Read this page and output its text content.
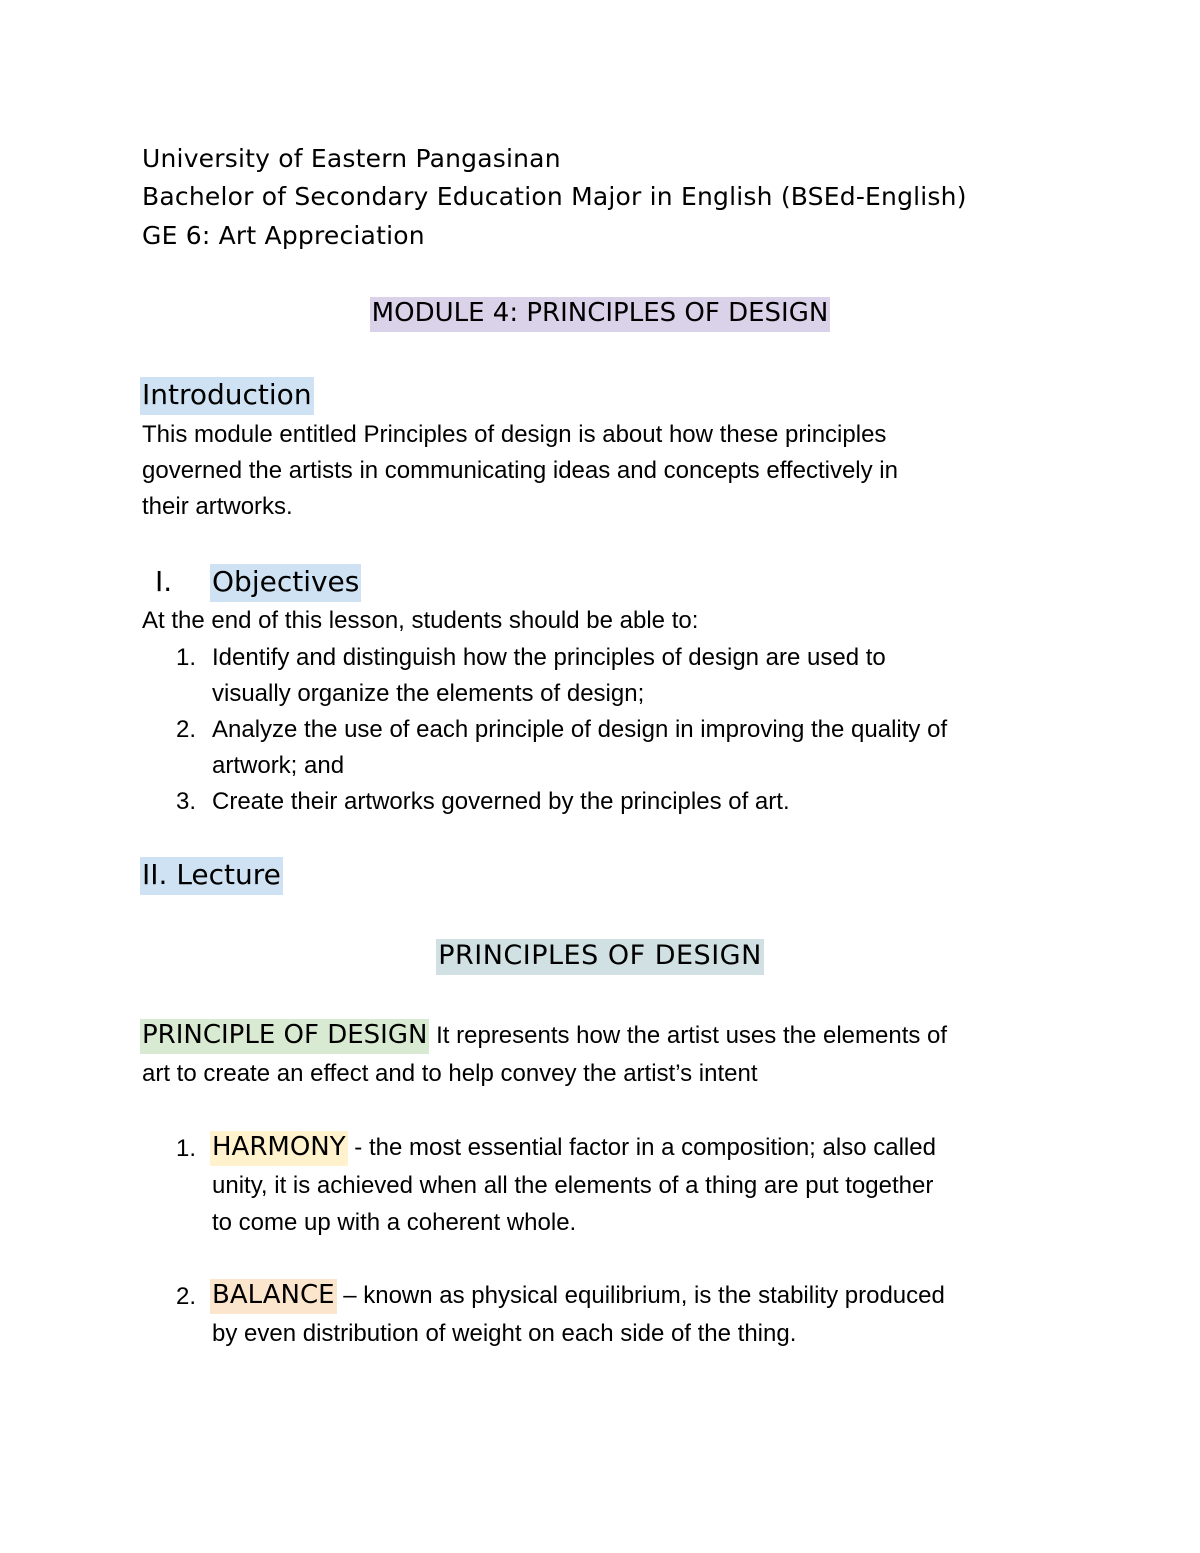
University of Eastern Pangasinan
Bachelor of Secondary Education Major in English (BSEd-English)
GE 6: Art Appreciation
MODULE 4: PRINCIPLES OF DESIGN
Introduction
This module entitled Principles of design is about how these principles
governed the artists in communicating ideas and concepts effectively in
their artworks.
I. Objectives
At the end of this lesson, students should be able to:
1. Identify and distinguish how the principles of design are used to
visually organize the elements of design;
2. Analyze the use of each principle of design in improving the quality of
artwork; and
3. Create their artworks governed by the principles of art.
II. Lecture
PRINCIPLES OF DESIGN
PRINCIPLE OF DESIGN It represents how the artist uses the elements of
art to create an effect and to help convey the artist’s intent
1. HARMONY - the most essential factor in a composition; also called
unity, it is achieved when all the elements of a thing are put together
to come up with a coherent whole.
2. BALANCE – known as physical equilibrium, is the stability produced
by even distribution of weight on each side of the thing.
